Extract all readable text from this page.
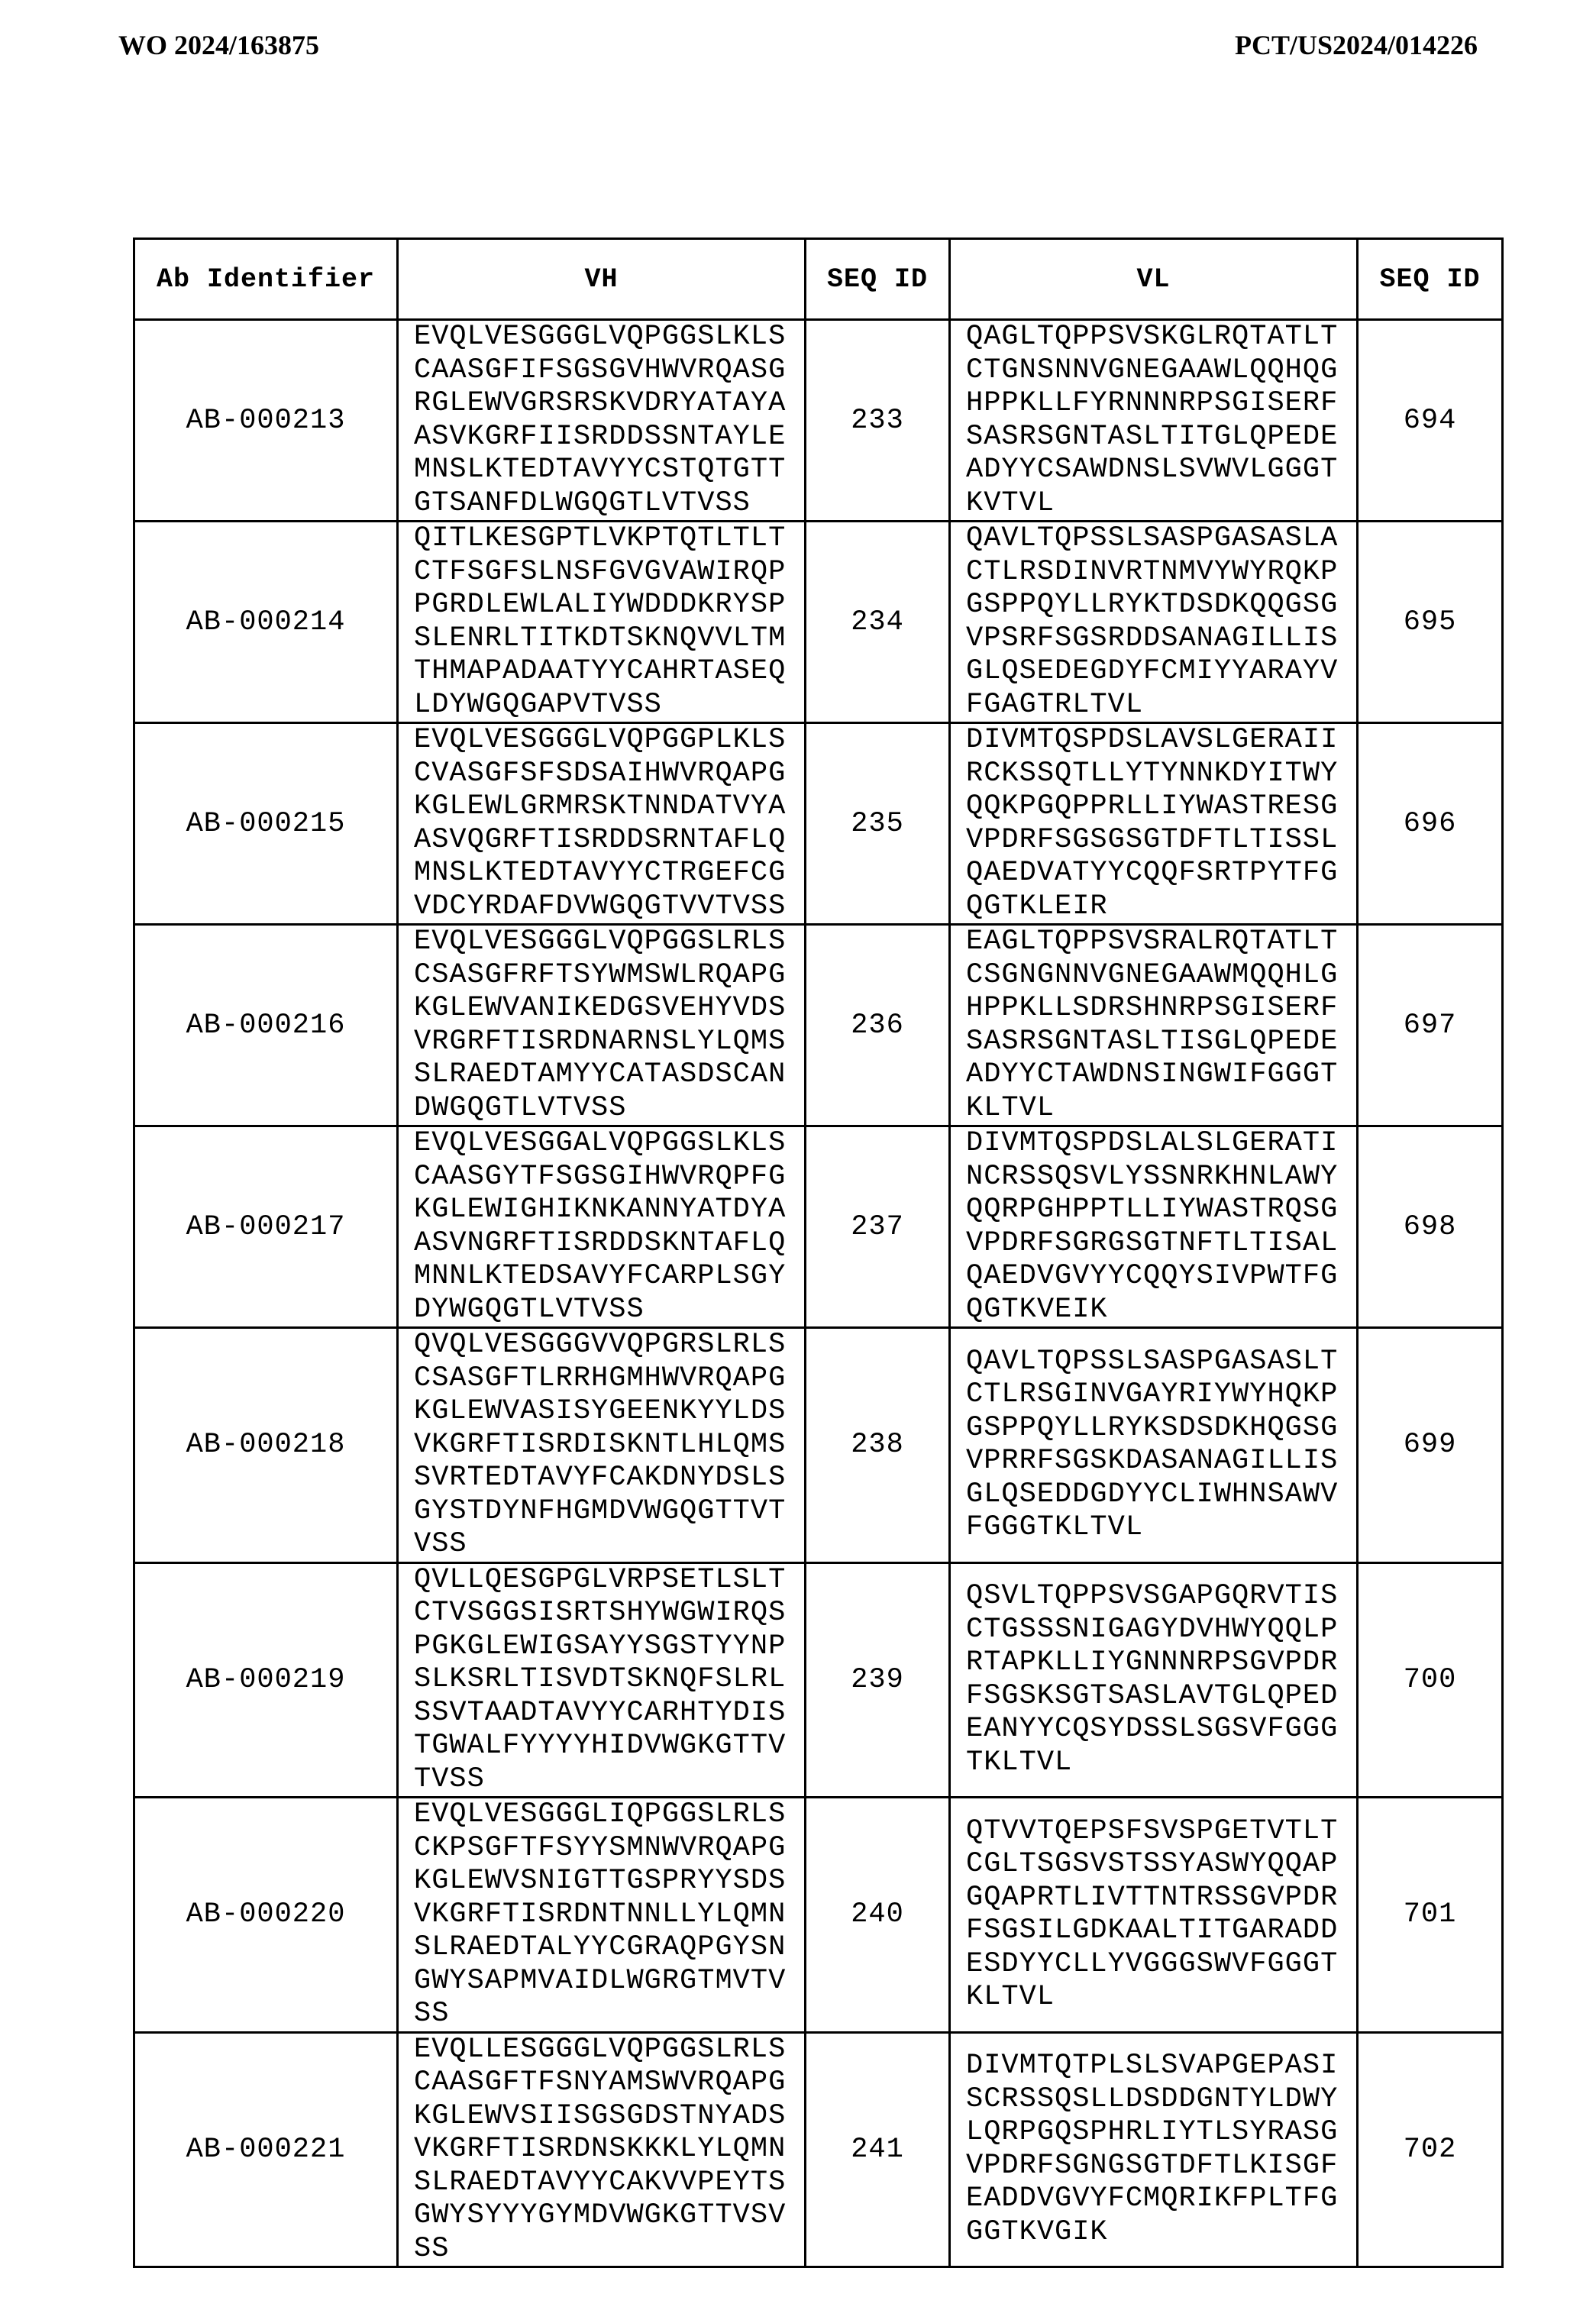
WO 2024/163875	PCT/US2024/014226
Ab Identifier	VH	SEQ ID	VL	SEQ ID
AB-000213	EVQLVESGGGLVQPGGSLKLS
CAASGFIFSGSGVHWVRQASG
RGLEWVGRSRSKVDRYATAYA
ASVKGRFIISRDDSSNTAYLE
MNSLKTEDTAVYYCSTQTGTT
GTSANFDLWGQGTLVTVSS	233	QAGLTQPPSVSKGLRQTATLT
CTGNSNNVGNEGAAWLQQHQG
HPPKLLFYRNNNRPSGISERF
SASRSGNTASLTITGLQPEDE
ADYYCSAWDNSLSVWVLGGGT
KVTVL	694
AB-000214	QITLKESGPTLVKPTQTLTLT
CTFSGFSLNSFGVGVAWIRQP
PGRDLEWLALIYWDDDKRYSP
SLENRLTITKDTSKNQVVLTM
THMAPADAATYYCAHRTASEQ
LDYWGQGAPVTVSS	234	QAVLTQPSSLSASPGASASLA
CTLRSDINVRTNMVYWYRQKP
GSPPQYLLRYKTDSDKQQGSG
VPSRFSGSRDDSANAGILLIS
GLQSEDEGDYFCMIYYARAYV
FGAGTRLTVL	695
AB-000215	EVQLVESGGGLVQPGGPLKLS
CVASGFSFSDSAIHWVRQAPG
KGLEWLGRMRSKTNNDATVYA
ASVQGRFTISRDDSRNTAFLQ
MNSLKTEDTAVYYCTRGEFCG
VDCYRDAFDVWGQGTVVTVSS	235	DIVMTQSPDSLAVSLGERAII
RCKSSQTLLYTYNNKDYITWY
QQKPGQPPRLLIYWASTRESG
VPDRFSGSGSGTDFTLTISSL
QAEDVATYYCQQFSRTPYTFG
QGTKLEIR	696
AB-000216	EVQLVESGGGLVQPGGSLRLS
CSASGFRFTSYWMSWLRQAPG
KGLEWVANIKEDGSVEHYVDS
VRGRFTISRDNARNSLYLQMS
SLRAEDTAMYYCATASDSCAN
DWGQGTLVTVSS	236	EAGLTQPPSVSRALRQTATLT
CSGNGNNVGNEGAAWMQQHLG
HPPKLLSDRSHNRPSGISERF
SASRSGNTASLTISGLQPEDE
ADYYCTAWDNSINGWIFGGGT
KLTVL	697
AB-000217	EVQLVESGGALVQPGGSLKLS
CAASGYTFSGSGIHWVRQPFG
KGLEWIGHIKNKANNYATDYA
ASVNGRFTISRDDSKNTAFLQ
MNNLKTEDSAVYFCARPLSGY
DYWGQGTLVTVSS	237	DIVMTQSPDSLALSLGERATI
NCRSSQSVLYSSNRKHNLAWY
QQRPGHPPTLLIYWASTRQSG
VPDRFSGRGSGTNFTLTISAL
QAEDVGVYYCQQYSIVPWTFG
QGTKVEIK	698
AB-000218	QVQLVESGGGVVQPGRSLRLS
CSASGFTLRRHGMHWVRQAPG
KGLEWVASISYGEENKYYLDS
VKGRFTISRDISKNTLHLQMS
SVRTEDTAVYFCAKDNYDSLS
GYSTDYNFHGMDVWGQGTTVT
VSS	238	QAVLTQPSSLSASPGASASLT
CTLRSGINVGAYRIYWYHQKP
GSPPQYLLRYKSDSDKHQGSG
VPRRFSGSKDASANAGILLIS
GLQSEDDGDYYCLIWHNSAWV
FGGGTKLTVL	699
AB-000219	QVLLQESGPGLVRPSETLSLT
CTVSGGSISRTSHYWGWIRQS
PGKGLEWIGSAYYSGSTYYNP
SLKSRLTISVDTSKNQFSLRL
SSVTAADTAVYYCARHTYDIS
TGWALFYYYYHIDVWGKGTTV
TVSS	239	QSVLTQPPSVSGAPGQRVTIS
CTGSSSNIGAGYDVHWYQQLP
RTAPKLLIYGNNNRPSGVPDR
FSGSKSGTSASLAVTGLQPED
EANYYCQSYDSSLSGSVFGGG
TKLTVL	700
AB-000220	EVQLVESGGGLIQPGGSLRLS
CKPSGFTFSYYSMNWVRQAPG
KGLEWVSNIGTTGSPRYYSDS
VKGRFTISRDNTNNLLYLQMN
SLRAEDTALYYCGRAQPGYSN
GWYSAPMVAIDLWGRGTMVTV
SS	240	QTVVTQEPSFSVSPGETVTLT
CGLTSGSVSTSSYASWYQQAP
GQAPRTLIVTTNTRSSGVPDR
FSGSILGDKAALTITGARADD
ESDYYCLLYVGGGSWVFGGGT
KLTVL	701
AB-000221	EVQLLESGGGLVQPGGSLRLS
CAASGFTFSNYAMSWVRQAPG
KGLEWVSIISGSGDSTNYADS
VKGRFTISRDNSKKKLYLQMN
SLRAEDTAVYYCAKVVPEYTS
GWYSYYYGYMDVWGKGTTVSV
SS	241	DIVMTQTPLSLSVAPGEPASI
SCRSSQSLLDSDDGNTYLDWY
LQRPGQSPHRLIYTLSYRASG
VPDRFSGNGSGTDFTLKISGF
EADDVGVYFCMQRIKFPLTFG
GGTKVGIK	702
